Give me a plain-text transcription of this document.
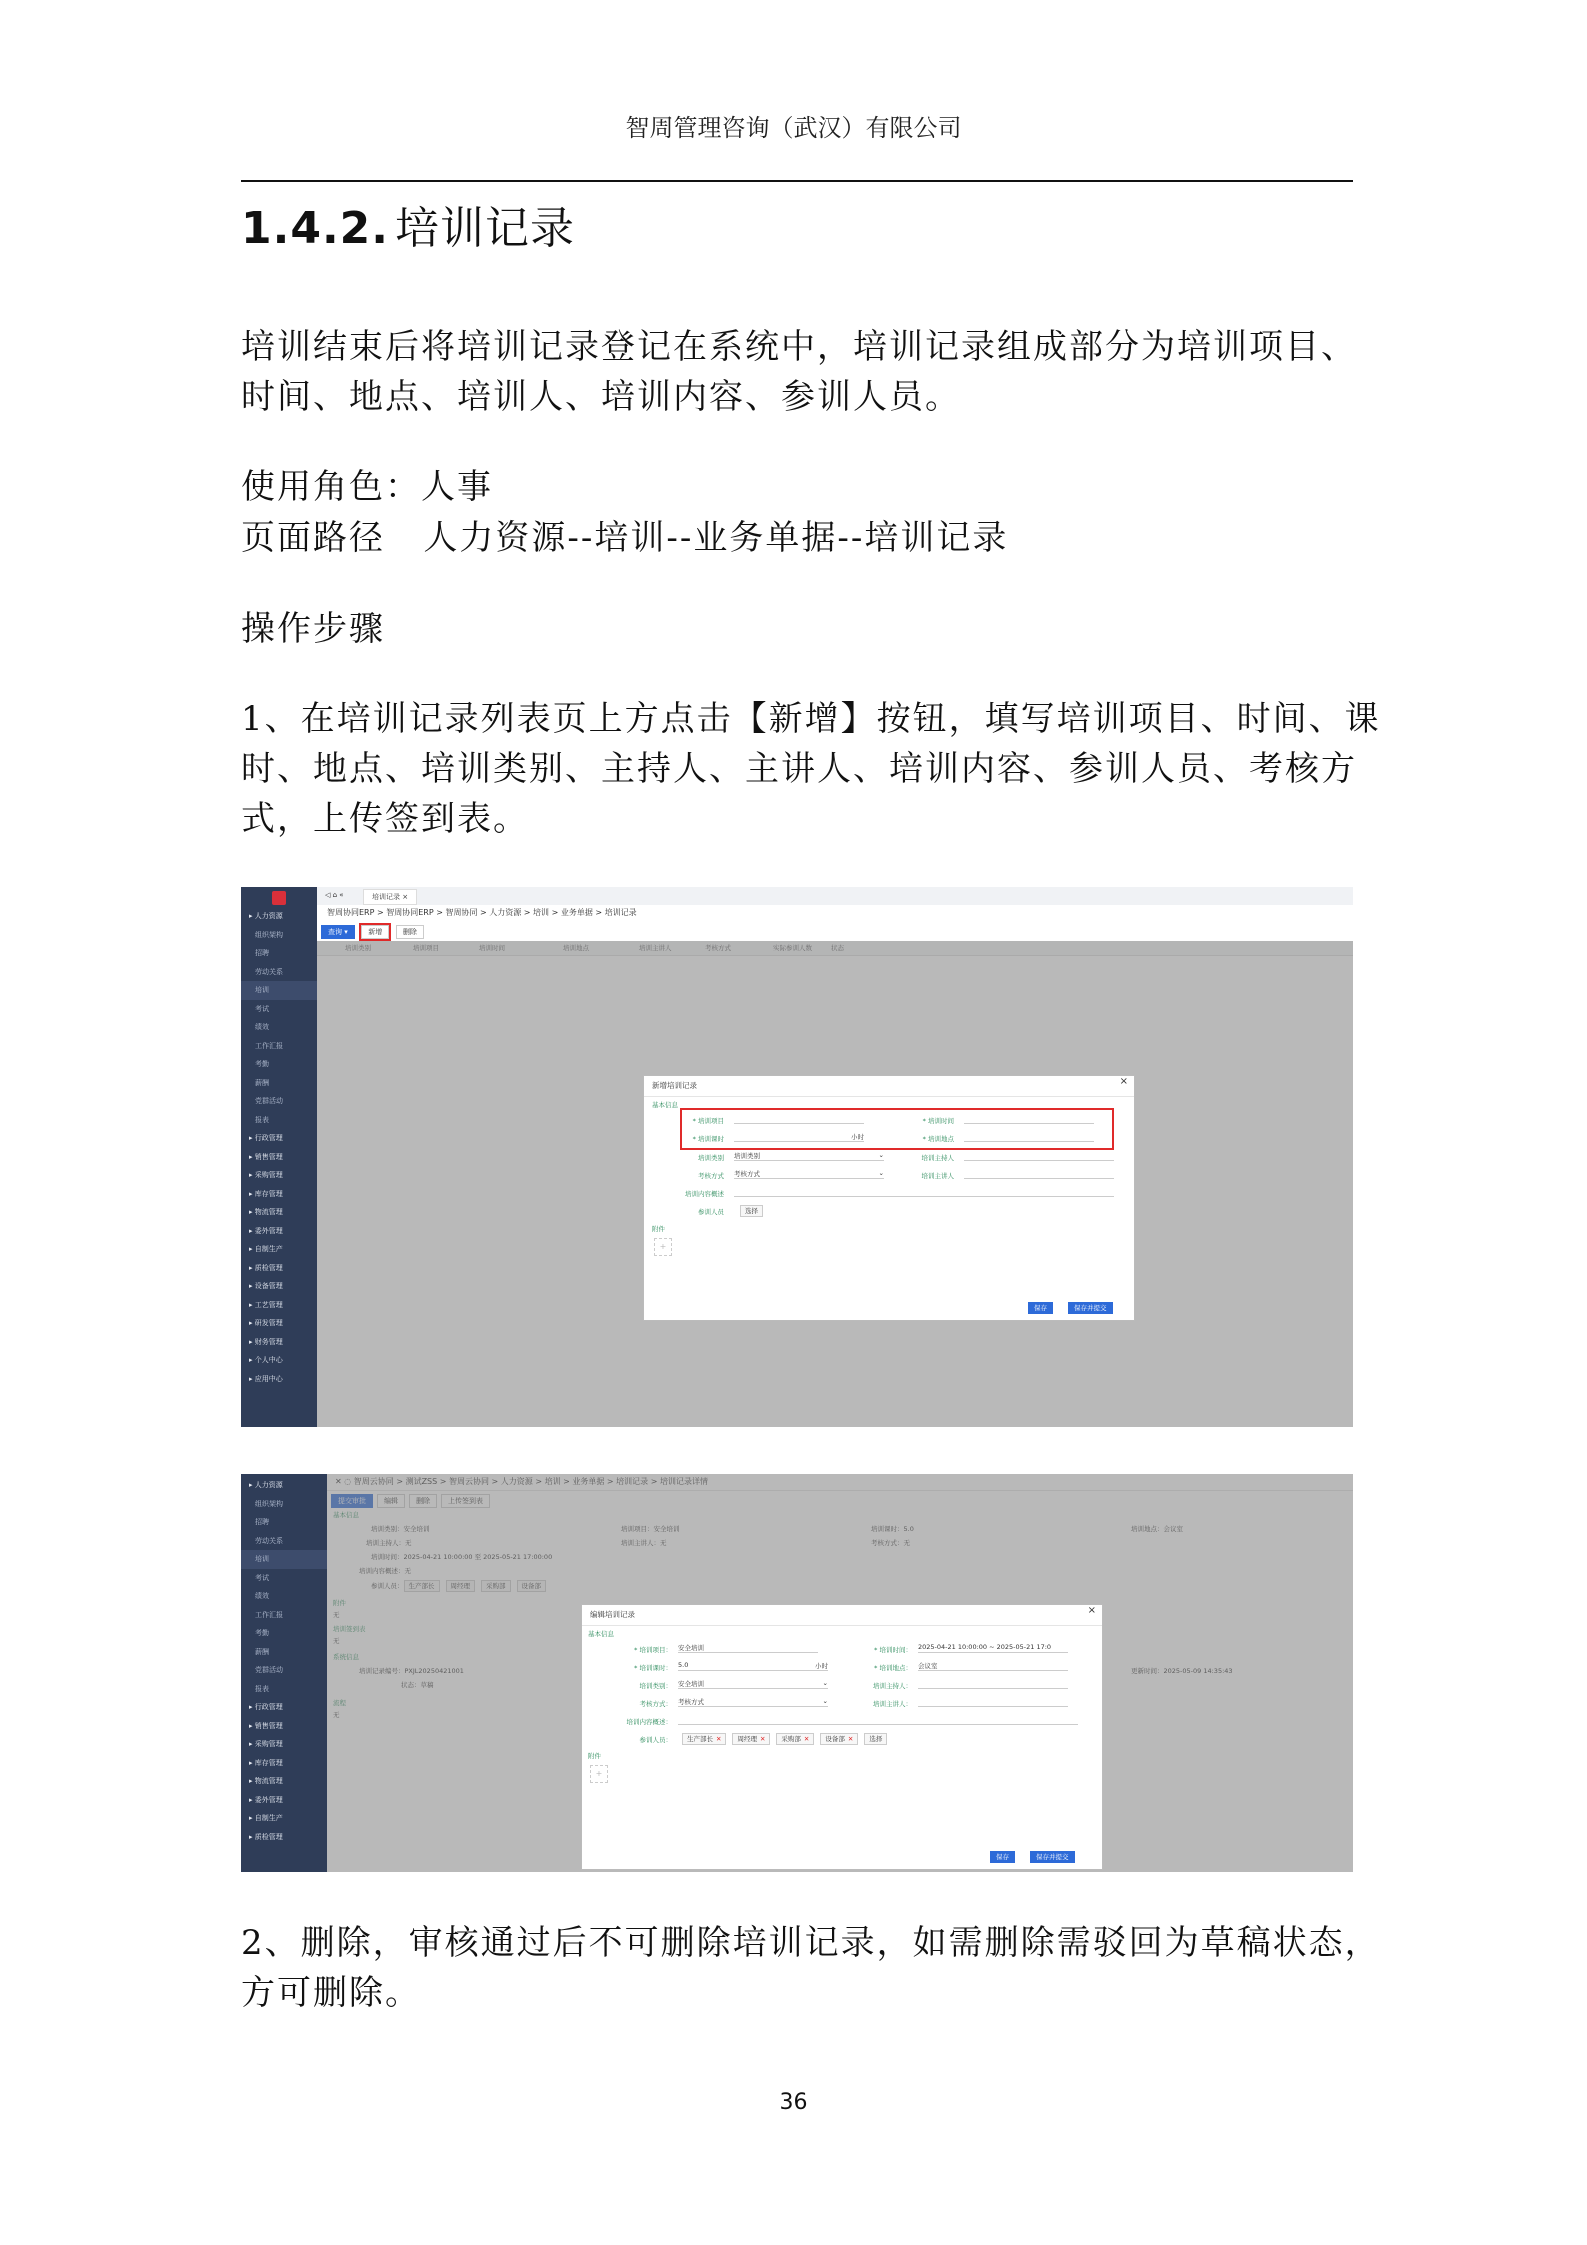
智周管理咨询（武汉）有限公司
1.4.2. 培训记录
培训结束后将培训记录登记在系统中，培训记录组成部分为培训项目、时间、地点、培训人、培训内容、参训人员。
使用角色：人事
页面路径   人力资源--培训--业务单据--培训记录
操作步骤
1、在培训记录列表页上方点击【新增】按钮，填写培训项目、时间、课时、地点、培训类别、主持人、主讲人、培训内容、参训人员、考核方式，上传签到表。
▸ 人力资源
组织架构
招聘
劳动关系
培训
考试
绩效
工作汇报
考勤
薪酬
党群活动
报表
▸ 行政管理
▸ 销售管理
▸ 采购管理
▸ 库存管理
▸ 物流管理
▸ 委外管理
▸ 自制生产
▸ 质检管理
▸ 设备管理
▸ 工艺管理
▸ 研发管理
▸ 财务管理
▸ 个人中心
▸ 应用中心
◁ ⌂ «	培训记录 ×
智周协同ERP > 智周协同ERP > 智周协同 > 人力资源 > 培训 > 业务单据 > 培训记录
查询 ▾	新增	删除
新增培训记录	×
基本信息
* 培训项目	* 培训时间
* 培训课时	小时	* 培训地点
培训类别 培训类别	⌄	培训主持人
考核方式 考核方式	⌄	培训主讲人
培训内容概述
参训人员	选择
附件
+
保存	保存并提交
▸ 人力资源
组织架构
招聘
劳动关系
培训
考试
绩效
工作汇报
考勤
薪酬
党群活动
报表
▸ 行政管理
▸ 销售管理
▸ 采购管理
▸ 库存管理
▸ 物流管理
▸ 委外管理
▸ 自制生产
▸ 质检管理
编辑培训记录	×
基本信息
* 培训项目： 安全培训	* 培训时间： 2025-04-21 10:00:00 ~ 2025-05-21 17:0
* 培训课时： 5.0	小时	* 培训地点： 会议室
培训类别： 安全培训	⌄	培训主持人：
考核方式： 考核方式	⌄	培训主讲人：
培训内容概述：
参训人员：	生产部长 ✕ 周经理 ✕ 采购部 ✕ 设备部 ✕ 选择
附件
+
保存	保存并提交
2、删除，审核通过后不可删除培训记录，如需删除需驳回为草稿状态，方可删除。
36
